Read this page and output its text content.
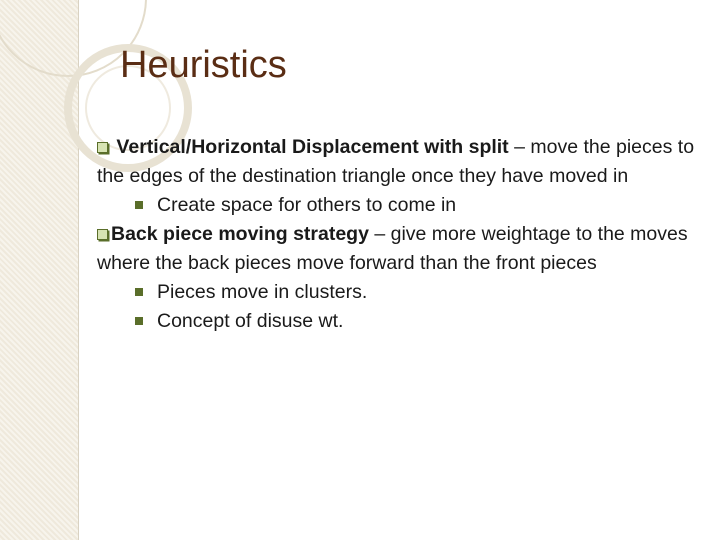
Heuristics

Vertical/Horizontal Displacement with split – move the pieces to the edges of the destination triangle once they have moved in

Create space for others to come in

Back piece moving strategy – give more weightage to the moves where the back pieces move forward than the front pieces

Pieces move in clusters.

Concept of disuse wt.
